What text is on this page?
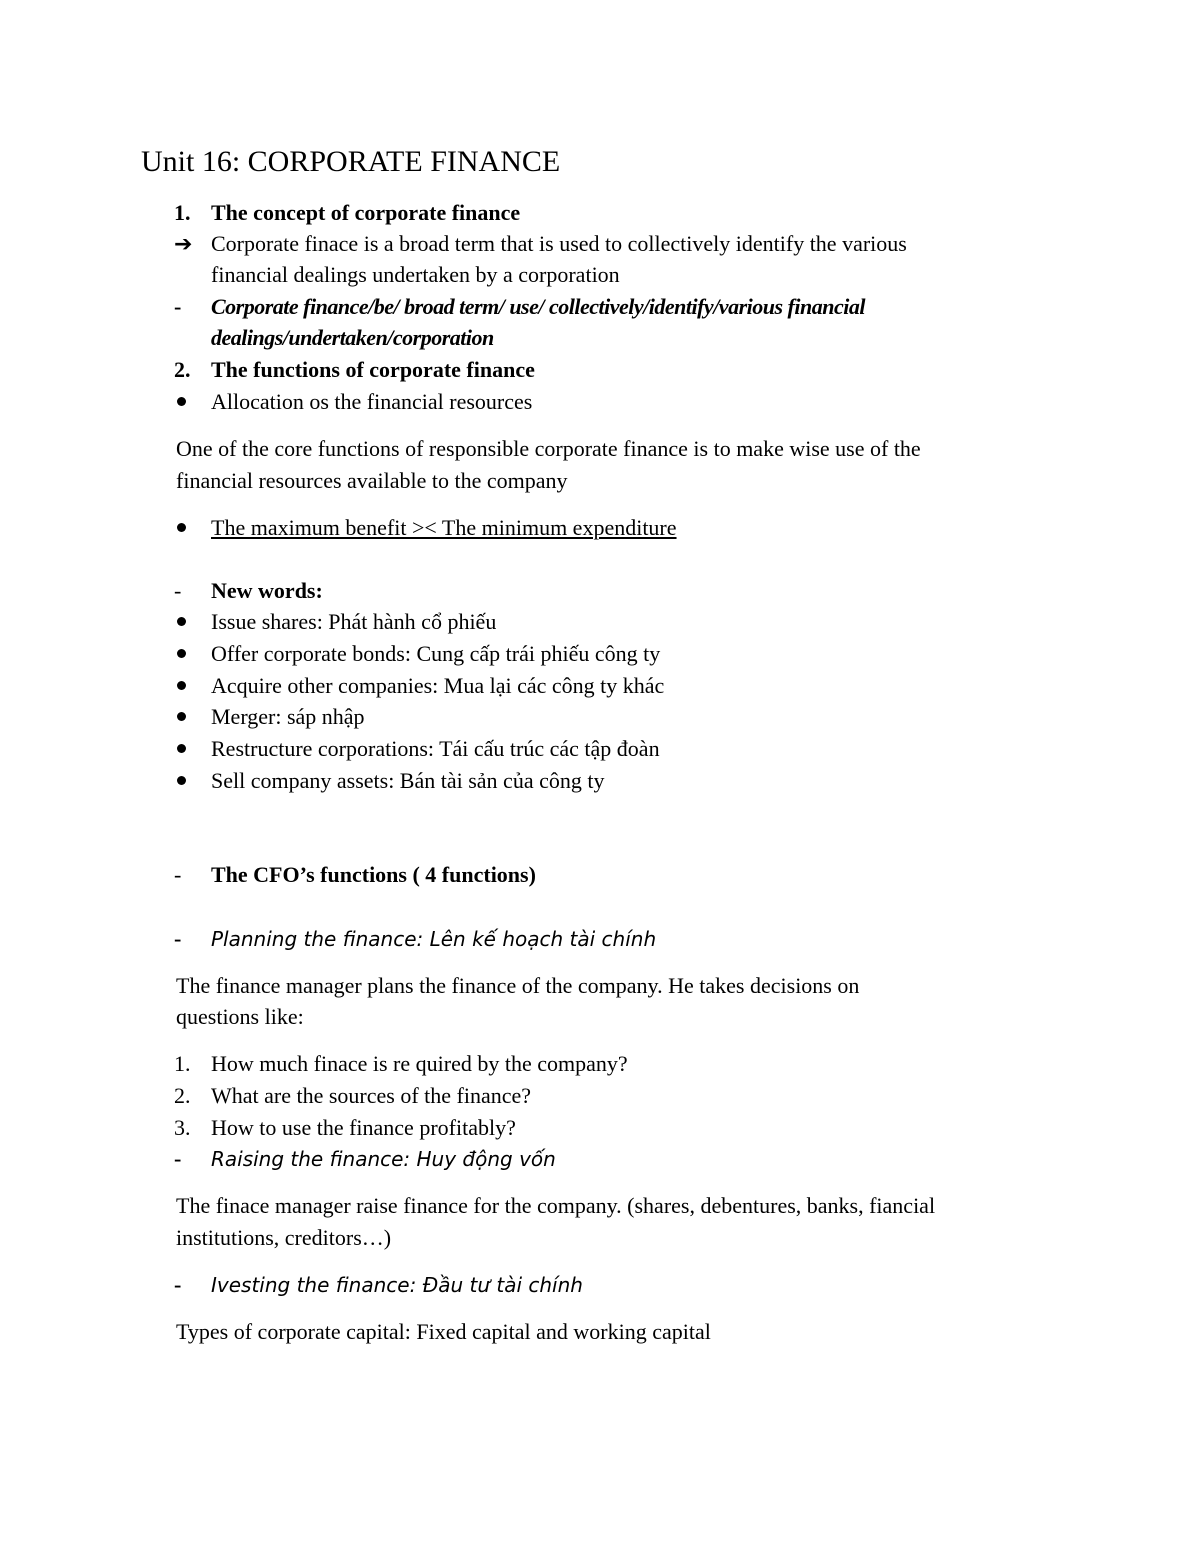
Unit 16: CORPORATE FINANCE
1. The concept of corporate finance
➔ Corporate finace is a broad term that is used to collectively identify the various
financial dealings undertaken by a corporation
-	Corporate finance/be/ broad term/ use/ collectively/identify/various financial
dealings/undertaken/corporation
2. The functions of corporate finance
Allocation os the financial resources
One of the core functions of responsible corporate finance is to make wise use of the
financial resources available to the company
The maximum benefit >< The minimum expenditure
-	New words:
Issue shares: Phát hành cổ phiếu
Offer corporate bonds: Cung cấp trái phiếu công ty
Acquire other companies: Mua lại các công ty khác
Merger: sáp nhập
Restructure corporations: Tái cấu trúc các tập đoàn
Sell company assets: Bán tài sản của công ty
-	The CFO’s functions ( 4 functions)
-	Planning the finance: Lên kế hoạch tài chính
The finance manager plans the finance of the company. He takes decisions on
questions like:
1. How much finace is re quired by the company?
2. What are the sources of the finance?
3. How to use the finance profitably?
-	Raising the finance: Huy động vốn
The finace manager raise finance for the company. (shares, debentures, banks, fiancial
institutions, creditors…)
-	Ivesting the finance: Đầu tư tài chính
Types of corporate capital: Fixed capital and working capital
